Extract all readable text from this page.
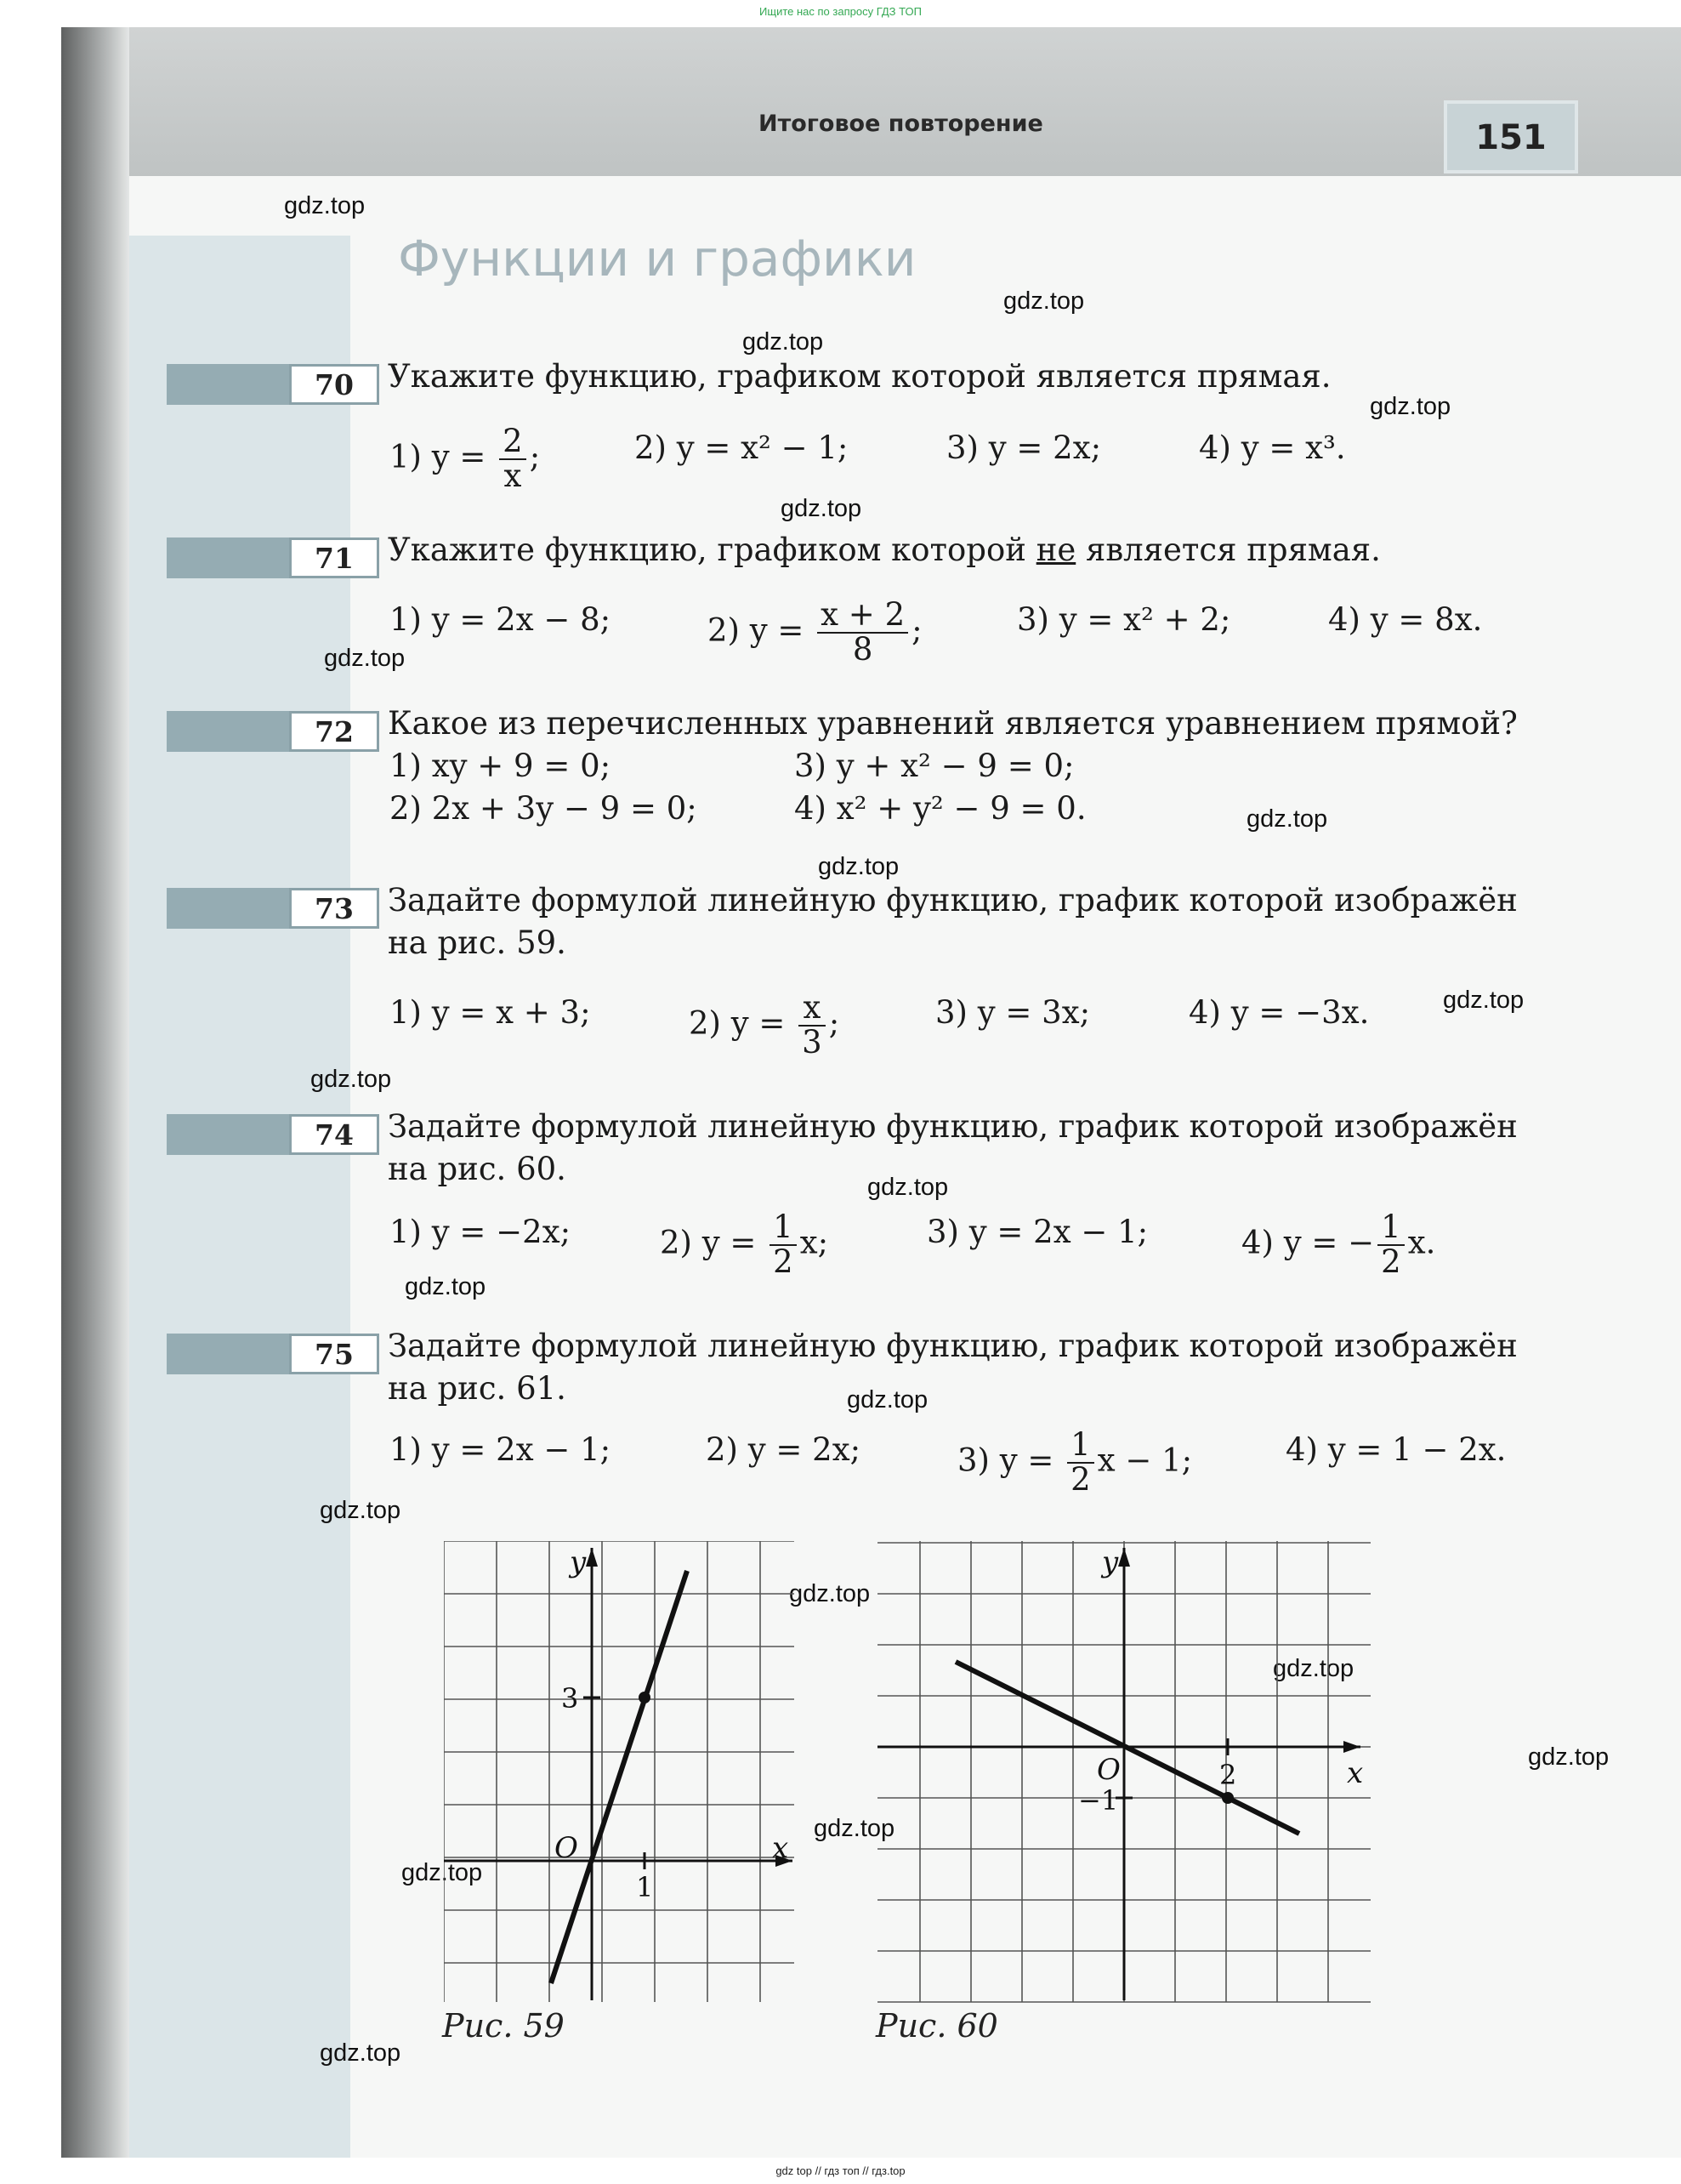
Ищите нас по запросу ГДЗ ТОП
Итоговое повторение	151
Функции и графики
gdz.top
gdz.top
gdz.top
gdz.top
gdz.top
gdz.top
gdz.top
gdz.top
gdz.top
gdz.top
gdz.top
gdz.top
gdz.top
gdz.top
gdz.top
gdz.top
gdz.top
gdz.top
gdz.top
gdz.top
70	Укажите функцию, графиком которой является прямая.
1) $y = \frac{2}{x}$ ;	2) y = x² − 1;	3) y = 2x;	4) y = x³.
71	Укажите функцию, графиком которой не является прямая.
1) y = 2x − 8;	2) $y = \frac{x + 2}{8}$ ;	3) y = x² + 2;	4) y = 8x.
72	Какое из перечисленных уравнений является уравнением прямой?
1) xy + 9 = 0;	3) y + x² − 9 = 0;
2) 2x + 3y − 9 = 0;	4) x² + y² − 9 = 0.
73	Задайте формулой линейную функцию, график которой изображён
на рис. 59.
1) y = x + 3;	2) $y = \frac{x}{3}$ ;	3) y = 3x;	4) y = −3x.
74	Задайте формулой линейную функцию, график которой изображён
на рис. 60.
1) y = −2x;	2) $y = \frac{1}{2} x$;	3) y = 2x − 1;	4) y = − $\frac{1}{2} x$.
75	Задайте формулой линейную функцию, график которой изображён
на рис. 61.
1) y = 2x − 1;	2) y = 2x;	3) $y = \frac{1}{2}$ x − 1;	4) y = 1 − 2x.
y
x
O
1
3
Рис. 59
y
x
O	2
−1
Рис. 60
gdz top // гдз топ // гдз.top
